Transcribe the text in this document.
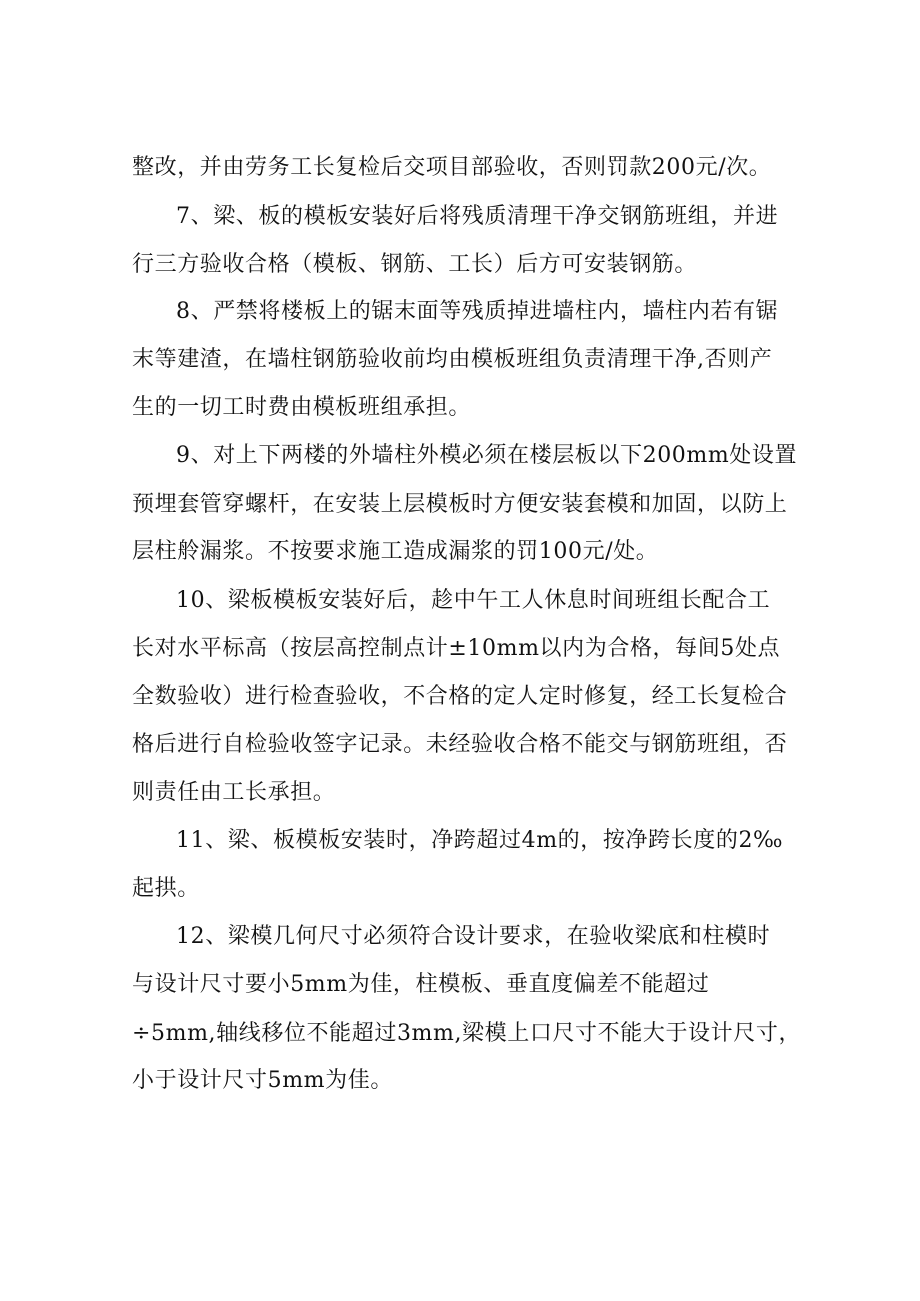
整改，并由劳务工长复检后交项目部验收，否则罚款200元/次。

7、梁、板的模板安装好后将残质清理干净交钢筋班组，并进

行三方验收合格（模板、钢筋、工长）后方可安装钢筋。

8、严禁将楼板上的锯末面等残质掉进墙柱内，墙柱内若有锯

末等建渣，在墙柱钢筋验收前均由模板班组负责清理干净,否则产

生的一切工时费由模板班组承担。

9、对上下两楼的外墙柱外模必须在楼层板以下200mm处设置

预埋套管穿螺杆，在安装上层模板时方便安装套模和加固，以防上

层柱舲漏浆。不按要求施工造成漏浆的罚100元/处。

10、梁板模板安装好后，趁中午工人休息时间班组长配合工

长对水平标高（按层高控制点计±10mm以内为合格，每间5处点

全数验收）进行检查验收，不合格的定人定时修复，经工长复检合

格后进行自检验收签字记录。未经验收合格不能交与钢筋班组，否

则责任由工长承担。

11、梁、板模板安装时，净跨超过4m的，按净跨长度的2‰

起拱。

12、梁模几何尺寸必须符合设计要求，在验收梁底和柱模时

与设计尺寸要小5mm为佳，柱模板、垂直度偏差不能超过

÷5mm,轴线移位不能超过3mm,梁模上口尺寸不能大于设计尺寸，

小于设计尺寸5mm为佳。
